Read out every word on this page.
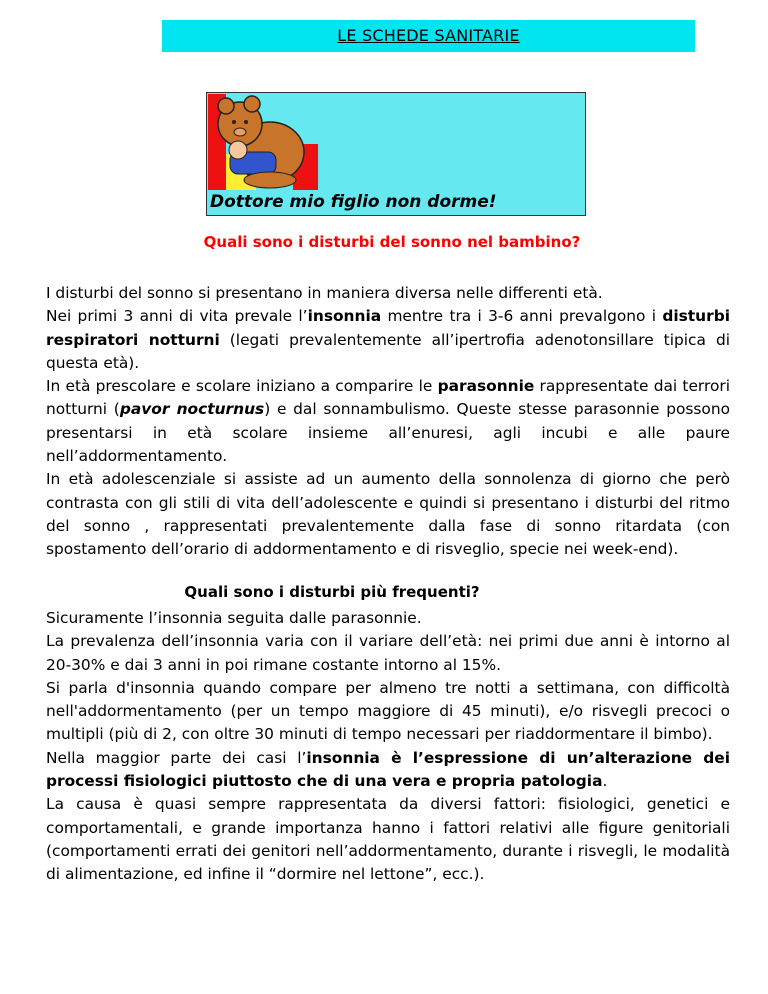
LE SCHEDE SANITARIE
Dottore mio figlio non dorme!
Quali sono i disturbi del sonno nel bambino?
I disturbi del sonno si presentano in maniera diversa nelle differenti età.
Nei primi 3 anni di vita prevale l’insonnia mentre tra i 3-6 anni prevalgono i disturbi respiratori notturni (legati prevalentemente all’ipertrofia adenotonsillare tipica di questa età).
In età prescolare e scolare iniziano a comparire le parasonnie rappresentate dai terrori notturni (pavor nocturnus) e dal sonnambulismo. Queste stesse parasonnie possono presentarsi in età scolare insieme all’enuresi, agli incubi e alle paure nell’addormentamento.
In età adolescenziale si assiste ad un aumento della sonnolenza di giorno che però contrasta con gli stili di vita dell’adolescente e quindi si presentano i disturbi del ritmo del sonno , rappresentati prevalentemente dalla fase di sonno ritardata (con spostamento dell’orario di addormentamento e di risveglio, specie nei week-end).
Quali sono i disturbi più frequenti?
Sicuramente l’insonnia seguita dalle parasonnie.
La prevalenza dell’insonnia varia con il variare dell’età: nei primi due anni è intorno al 20-30% e dai 3 anni in poi rimane costante intorno al 15%.
Si parla d'insonnia quando compare per almeno tre notti a settimana, con difficoltà nell'addormentamento (per un tempo maggiore di 45 minuti), e/o risvegli precoci o multipli (più di 2, con oltre 30 minuti di tempo necessari per riaddormentare il bimbo).
Nella maggior parte dei casi l’insonnia è l’espressione di un’alterazione dei processi fisiologici piuttosto che di una vera e propria patologia.
La causa è quasi sempre rappresentata da diversi fattori: fisiologici, genetici e comportamentali, e grande importanza hanno i fattori relativi alle figure genitoriali (comportamenti errati dei genitori nell’addormentamento, durante i risvegli, le modalità di alimentazione, ed infine il “dormire nel lettone”, ecc.).
